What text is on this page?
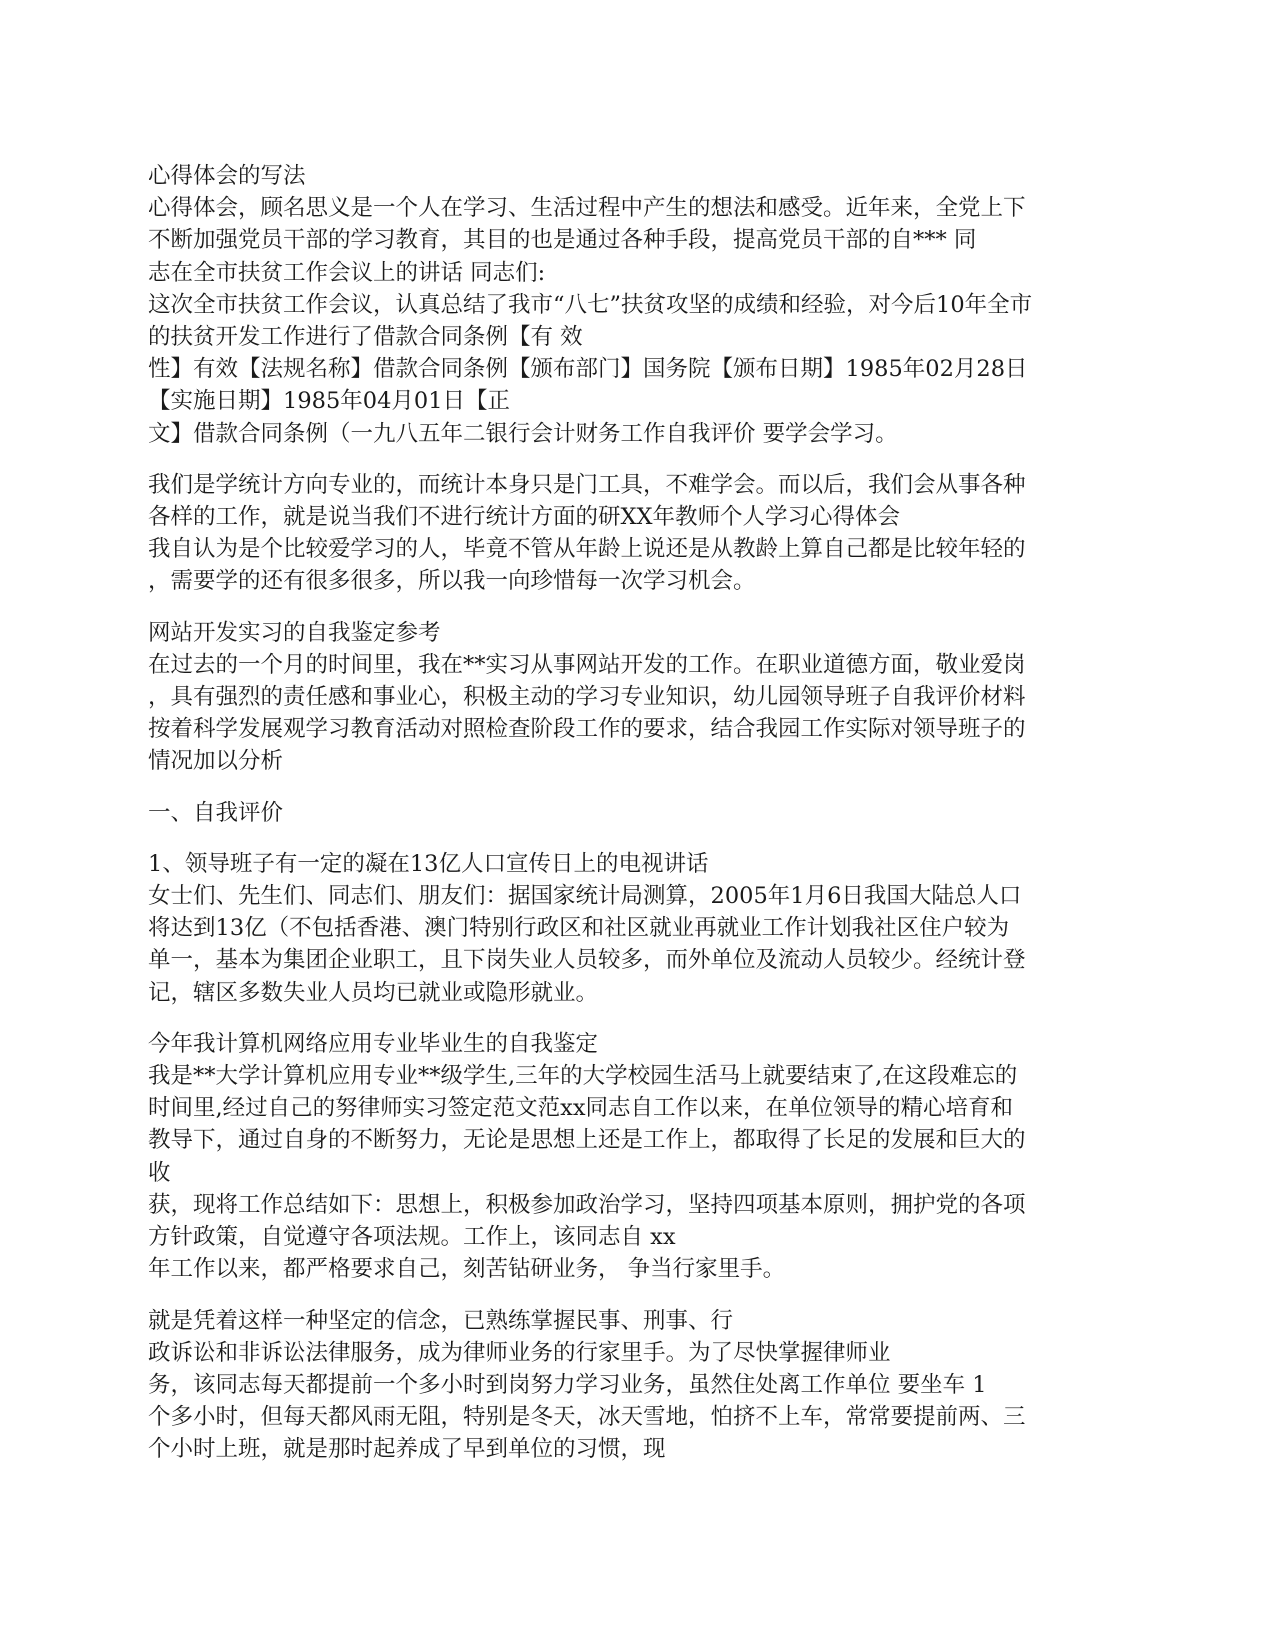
心得体会的写法
心得体会，顾名思义是一个人在学习、生活过程中产生的想法和感受。近年来，全党上下
不断加强党员干部的学习教育，其目的也是通过各种手段，提高党员干部的自*** 同
志在全市扶贫工作会议上的讲话 同志们:
这次全市扶贫工作会议，认真总结了我市“八七”扶贫攻坚的成绩和经验，对今后10年全市
的扶贫开发工作进行了借款合同条例【有 效
性】有效【法规名称】借款合同条例【颁布部门】国务院【颁布日期】1985年02月28日
【实施日期】1985年04月01日【正
文】借款合同条例（一九八五年二银行会计财务工作自我评价 要学会学习。
我们是学统计方向专业的，而统计本身只是门工具，不难学会。而以后，我们会从事各种
各样的工作，就是说当我们不进行统计方面的研XX年教师个人学习心得体会
我自认为是个比较爱学习的人，毕竟不管从年龄上说还是从教龄上算自己都是比较年轻的
，需要学的还有很多很多，所以我一向珍惜每一次学习机会。
网站开发实习的自我鉴定参考
在过去的一个月的时间里，我在**实习从事网站开发的工作。在职业道德方面，敬业爱岗
，具有强烈的责任感和事业心，积极主动的学习专业知识，幼儿园领导班子自我评价材料
按着科学发展观学习教育活动对照检查阶段工作的要求，结合我园工作实际对领导班子的
情况加以分析
一、自我评价
1、领导班子有一定的凝在13亿人口宣传日上的电视讲话
女士们、先生们、同志们、朋友们：据国家统计局测算，2005年1月6日我国大陆总人口
将达到13亿（不包括香港、澳门特别行政区和社区就业再就业工作计划我社区住户较为
单一，基本为集团企业职工，且下岗失业人员较多，而外单位及流动人员较少。经统计登
记，辖区多数失业人员均已就业或隐形就业。
今年我计算机网络应用专业毕业生的自我鉴定
我是**大学计算机应用专业**级学生,三年的大学校园生活马上就要结束了,在这段难忘的
时间里,经过自己的努律师实习签定范文范xx同志自工作以来，在单位领导的精心培育和
教导下，通过自身的不断努力，无论是思想上还是工作上，都取得了长足的发展和巨大的
收
获，现将工作总结如下：思想上，积极参加政治学习，坚持四项基本原则，拥护党的各项
方针政策，自觉遵守各项法规。工作上，该同志自 xx
年工作以来，都严格要求自己，刻苦钻研业务， 争当行家里手。
就是凭着这样一种坚定的信念，已熟练掌握民事、刑事、行
政诉讼和非诉讼法律服务，成为律师业务的行家里手。为了尽快掌握律师业
务，该同志每天都提前一个多小时到岗努力学习业务，虽然住处离工作单位 要坐车 1
个多小时，但每天都风雨无阻，特别是冬天，冰天雪地，怕挤不上车，常常要提前两、三
个小时上班，就是那时起养成了早到单位的习惯，现
